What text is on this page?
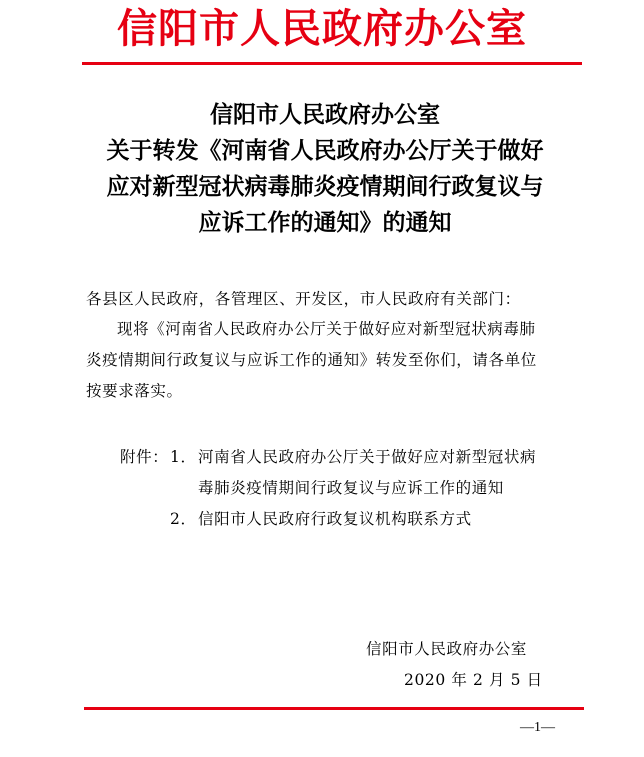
信阳市人民政府办公室
信阳市人民政府办公室
关于转发《河南省人民政府办公厅关于做好
应对新型冠状病毒肺炎疫情期间行政复议与
应诉工作的通知》的通知
各县区人民政府，各管理区、开发区，市人民政府有关部门：
现将《河南省人民政府办公厅关于做好应对新型冠状病毒肺
炎疫情期间行政复议与应诉工作的通知》转发至你们，请各单位
按要求落实。
附件： 1． 河南省人民政府办公厅关于做好应对新型冠状病
毒肺炎疫情期间行政复议与应诉工作的通知
2． 信阳市人民政府行政复议机构联系方式
信阳市人民政府办公室
2020 年 2 月 5 日
—1—
